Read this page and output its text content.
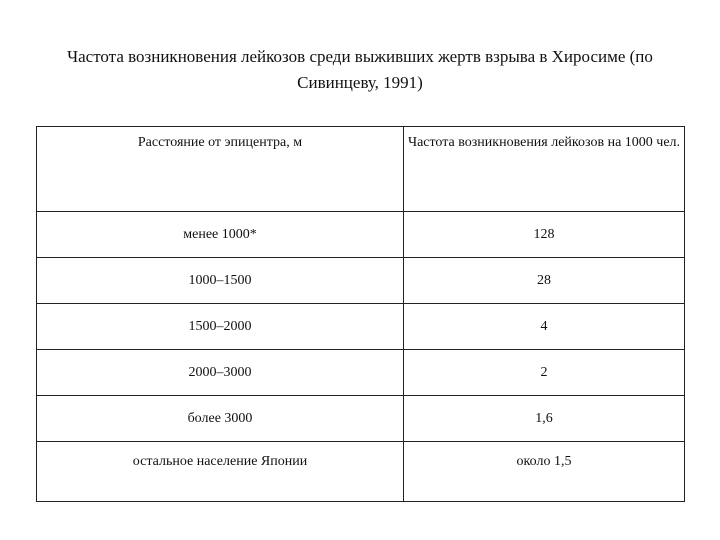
Частота возникновения лейкозов среди выживших жертв взрыва в Хиросиме (по Сивинцеву, 1991)
Расстояние от эпицентра, м	Частота возникновения лейкозов на 1000 чел.
менее 1000*	128
1000–1500	28
1500–2000	4
2000–3000	2
более 3000	1,6
остальное население Японии	около 1,5
